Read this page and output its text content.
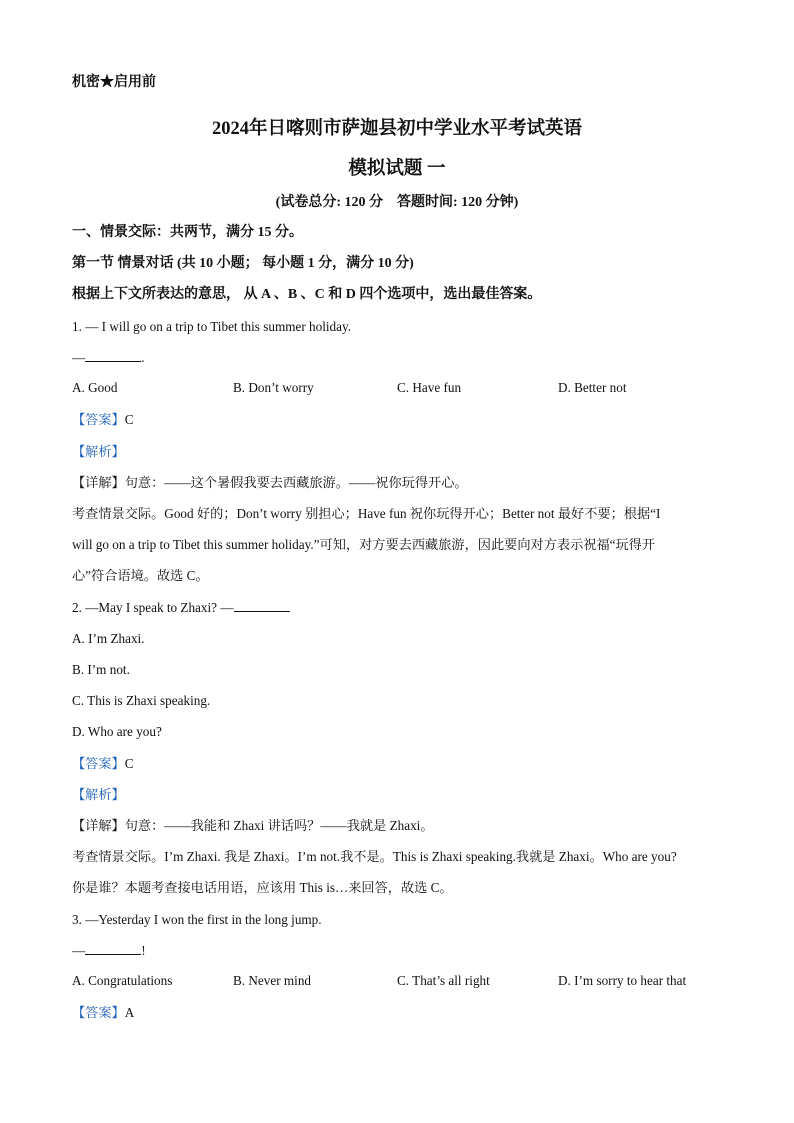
机密★启用前
2024年日喀则市萨迦县初中学业水平考试英语
模拟试题 一
(试卷总分: 120 分　答题时间: 120 分钟)
一、情景交际：共两节，满分 15 分。
第一节 情景对话 (共 10 小题； 每小题 1 分，满分 10 分)
根据上下文所表达的意思， 从 A 、B 、C 和 D 四个选项中，选出最佳答案。
1. — I will go on a trip to Tibet this summer holiday.
—	.
A. Good	B. Don’t worry	C. Have fun	D. Better not
【答案】C
【解析】
【详解】句意：——这个暑假我要去西藏旅游。——祝你玩得开心。
考查情景交际。Good 好的；Don’t worry 别担心；Have fun 祝你玩得开心；Better not 最好不要；根据“I
will go on a trip to Tibet this summer holiday.”可知，对方要去西藏旅游，因此要向对方表示祝福“玩得开
心”符合语境。故选 C。
2. —May I speak to Zhaxi? —
A. I’m Zhaxi.
B. I’m not.
C. This is Zhaxi speaking.
D. Who are you?
【答案】C
【解析】
【详解】句意：——我能和 Zhaxi 讲话吗？——我就是 Zhaxi。
考查情景交际。I’m Zhaxi. 我是 Zhaxi。I’m not.我不是。This is Zhaxi speaking.我就是 Zhaxi。Who are you?
你是谁？本题考查接电话用语，应该用 This is…来回答，故选 C。
3. —Yesterday I won the first in the long jump.
—	!
A. Congratulations	B. Never mind	C. That’s all right	D. I’m sorry to hear that
【答案】A
